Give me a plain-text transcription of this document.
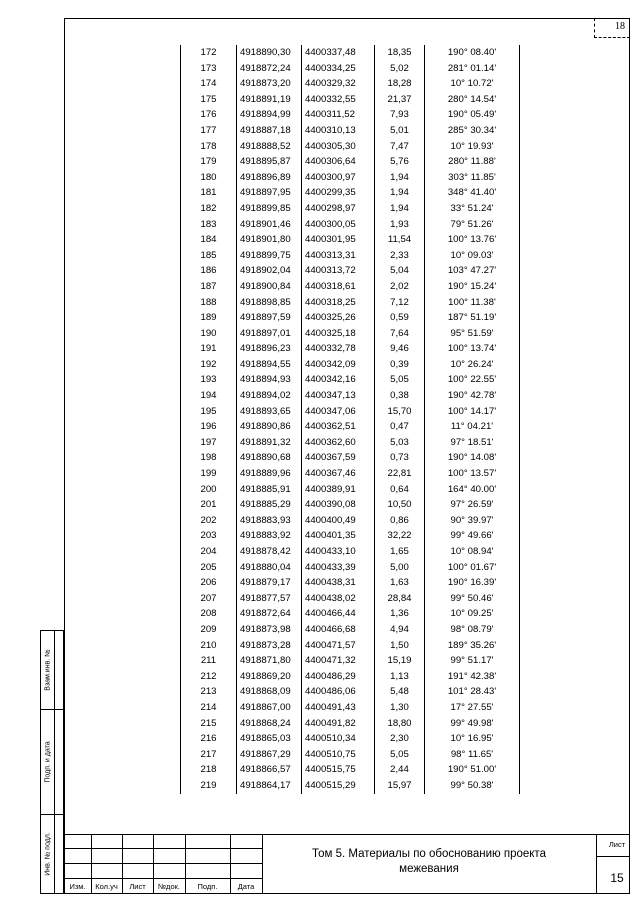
18
172	4918890,30	4400337,48	18,35	190° 08.40'
173	4918872,24	4400334,25	5,02	281° 01.14'
174	4918873,20	4400329,32	18,28	10° 10.72'
175	4918891,19	4400332,55	21,37	280° 14.54'
176	4918894,99	4400311,52	7,93	190° 05.49'
177	4918887,18	4400310,13	5,01	285° 30.34'
178	4918888,52	4400305,30	7,47	10° 19.93'
179	4918895,87	4400306,64	5,76	280° 11.88'
180	4918896,89	4400300,97	1,94	303° 11.85'
181	4918897,95	4400299,35	1,94	348° 41.40'
182	4918899,85	4400298,97	1,94	33° 51.24'
183	4918901,46	4400300,05	1,93	79° 51.26'
184	4918901,80	4400301,95	11,54	100° 13.76'
185	4918899,75	4400313,31	2,33	10° 09.03'
186	4918902,04	4400313,72	5,04	103° 47.27'
187	4918900,84	4400318,61	2,02	190° 15.24'
188	4918898,85	4400318,25	7,12	100° 11.38'
189	4918897,59	4400325,26	0,59	187° 51.19'
190	4918897,01	4400325,18	7,64	95° 51.59'
191	4918896,23	4400332,78	9,46	100° 13.74'
192	4918894,55	4400342,09	0,39	10° 26.24'
193	4918894,93	4400342,16	5,05	100° 22.55'
194	4918894,02	4400347,13	0,38	190° 42.78'
195	4918893,65	4400347,06	15,70	100° 14.17'
196	4918890,86	4400362,51	0,47	11° 04.21'
197	4918891,32	4400362,60	5,03	97° 18.51'
198	4918890,68	4400367,59	0,73	190° 14.08'
199	4918889,96	4400367,46	22,81	100° 13.57'
200	4918885,91	4400389,91	0,64	164° 40.00'
201	4918885,29	4400390,08	10,50	97° 26.59'
202	4918883,93	4400400,49	0,86	90° 39.97'
203	4918883,92	4400401,35	32,22	99° 49.66'
204	4918878,42	4400433,10	1,65	10° 08.94'
205	4918880,04	4400433,39	5,00	100° 01.67'
206	4918879,17	4400438,31	1,63	190° 16.39'
207	4918877,57	4400438,02	28,84	99° 50.46'
208	4918872,64	4400466,44	1,36	10° 09.25'
209	4918873,98	4400466,68	4,94	98° 08.79'
210	4918873,28	4400471,57	1,50	189° 35.26'
211	4918871,80	4400471,32	15,19	99° 51.17'
212	4918869,20	4400486,29	1,13	191° 42.38'
213	4918868,09	4400486,06	5,48	101° 28.43'
214	4918867,00	4400491,43	1,30	17° 27.55'
215	4918868,24	4400491,82	18,80	99° 49.98'
216	4918865,03	4400510,34	2,30	10° 16.95'
217	4918867,29	4400510,75	5,05	98° 11.65'
218	4918866,57	4400515,75	2,44	190° 51.00'
219	4918864,17	4400515,29	15,97	99° 50.38'
Взам.инв. №
Подп. и дата
Инв. № подл.
Изм.	Кол.уч	Лист	№док.	Подп.	Дата
Том 5. Материалы по обоснованию проекта
межевания
Лист
15
